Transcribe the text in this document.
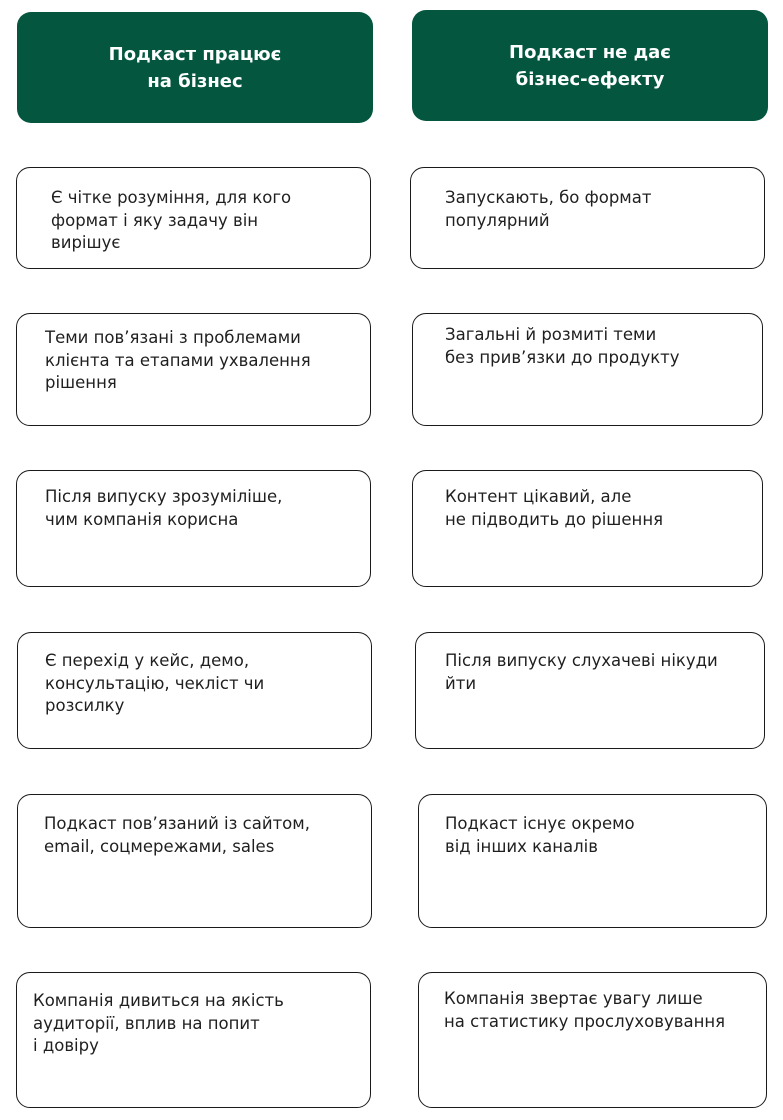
Подкаст працює
на бізнес
Подкаст не дає
бізнес-ефекту
Є чітке розуміння, для кого
формат і яку задачу він
вирішує
Теми пов’язані з проблемами
клієнта та етапами ухвалення
рішення
Після випуску зрозуміліше,
чим компанія корисна
Є перехід у кейс, демо,
консультацію, чекліст чи
розсилку
Подкаст пов’язаний із сайтом,
email, соцмережами, sales
Компанія дивиться на якість
аудиторії, вплив на попит
і довіру
Запускають, бо формат
популярний
Загальні й розмиті теми
без прив’язки до продукту
Контент цікавий, але
не підводить до рішення
Після випуску слухачеві нікуди
йти
Подкаст існує окремо
від інших каналів
Компанія звертає увагу лише
на статистику прослуховування
